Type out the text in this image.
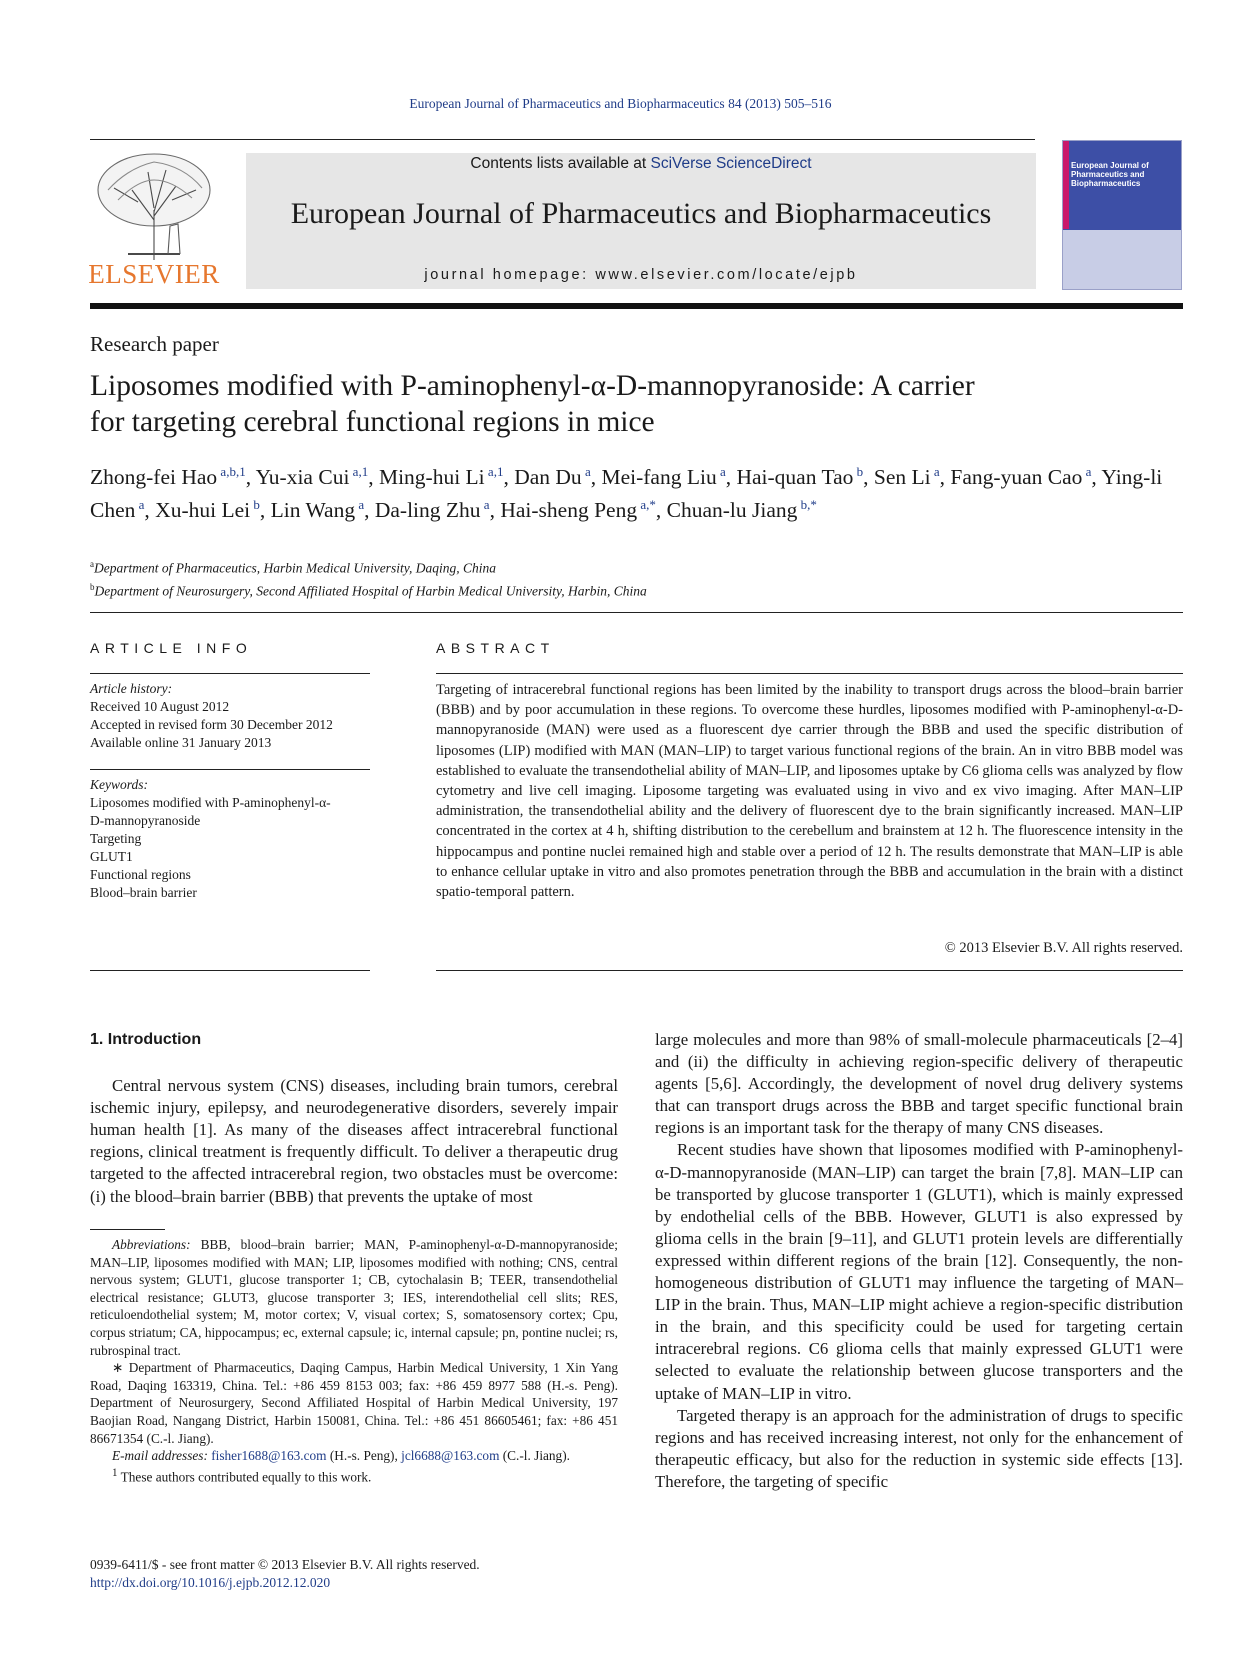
European Journal of Pharmaceutics and Biopharmaceutics 84 (2013) 505–516
ELSEVIER
Contents lists available at SciVerse ScienceDirect
European Journal of Pharmaceutics and Biopharmaceutics
journal homepage: www.elsevier.com/locate/ejpb
European Journal of Pharmaceutics and Biopharmaceutics
Research paper
Liposomes modified with P-aminophenyl-α-D-mannopyranoside: A carrier
for targeting cerebral functional regions in mice
Zhong-fei Hao $^{a,b,1}$, Yu-xia Cui $^{a,1}$, Ming-hui Li $^{a,1}$, Dan Du $^a$, Mei-fang Liu $^a$, Hai-quan Tao $^b$, Sen Li $^a$, Fang-yuan Cao $^a$, Ying-li Chen $^a$, Xu-hui Lei $^b$, Lin Wang $^a$, Da-ling Zhu $^a$, Hai-sheng Peng $^{a,*}$, Chuan-lu Jiang $^{b,*}$
$^a$Department of Pharmaceutics, Harbin Medical University, Daqing, China
$^b$Department of Neurosurgery, Second Affiliated Hospital of Harbin Medical University, Harbin, China
ARTICLE INFO
Article history:
Received 10 August 2012
Accepted in revised form 30 December 2012
Available online 31 January 2013
Keywords:
Liposomes modified with P-aminophenyl-α-
D-mannopyranoside
Targeting
GLUT1
Functional regions
Blood–brain barrier
ABSTRACT
Targeting of intracerebral functional regions has been limited by the inability to transport drugs across the blood–brain barrier (BBB) and by poor accumulation in these regions. To overcome these hurdles, liposomes modified with P-aminophenyl-α-D-mannopyranoside (MAN) were used as a fluorescent dye carrier through the BBB and used the specific distribution of liposomes (LIP) modified with MAN (MAN–LIP) to target various functional regions of the brain. An in vitro BBB model was established to evaluate the transendothelial ability of MAN–LIP, and liposomes uptake by C6 glioma cells was analyzed by flow cytometry and live cell imaging. Liposome targeting was evaluated using in vivo and ex vivo imaging. After MAN–LIP administration, the transendothelial ability and the delivery of fluorescent dye to the brain significantly increased. MAN–LIP concentrated in the cortex at 4 h, shifting distribution to the cerebellum and brainstem at 12 h. The fluorescence intensity in the hippocampus and pontine nuclei remained high and stable over a period of 12 h. The results demonstrate that MAN–LIP is able to enhance cellular uptake in vitro and also promotes penetration through the BBB and accumulation in the brain with a distinct spatio-temporal pattern.
© 2013 Elsevier B.V. All rights reserved.
1. Introduction

Central nervous system (CNS) diseases, including brain tumors, cerebral ischemic injury, epilepsy, and neurodegenerative disorders, severely impair human health [1]. As many of the diseases affect intracerebral functional regions, clinical treatment is frequently difficult. To deliver a therapeutic drug targeted to the affected intracerebral region, two obstacles must be overcome: (i) the blood–brain barrier (BBB) that prevents the uptake of most

Abbreviations: BBB, blood–brain barrier; MAN, P-aminophenyl-α-D-mannopyranoside; MAN–LIP, liposomes modified with MAN; LIP, liposomes modified with nothing; CNS, central nervous system; GLUT1, glucose transporter 1; CB, cytochalasin B; TEER, transendothelial electrical resistance; GLUT3, glucose transporter 3; IES, interendothelial cell slits; RES, reticuloendothelial system; M, motor cortex; V, visual cortex; S, somatosensory cortex; Cpu, corpus striatum; CA, hippocampus; ec, external capsule; ic, internal capsule; pn, pontine nuclei; rs, rubrospinal tract.

∗ Department of Pharmaceutics, Daqing Campus, Harbin Medical University, 1 Xin Yang Road, Daqing 163319, China. Tel.: +86 459 8153 003; fax: +86 459 8977 588 (H.-s. Peng). Department of Neurosurgery, Second Affiliated Hospital of Harbin Medical University, 197 Baojian Road, Nangang District, Harbin 150081, China. Tel.: +86 451 86605461; fax: +86 451 86671354 (C.-l. Jiang).

E-mail addresses: fisher1688@163.com (H.-s. Peng), jcl6688@163.com (C.-l. Jiang).

$^1$ These authors contributed equally to this work.

large molecules and more than 98% of small-molecule pharmaceuticals [2–4] and (ii) the difficulty in achieving region-specific delivery of therapeutic agents [5,6]. Accordingly, the development of novel drug delivery systems that can transport drugs across the BBB and target specific functional brain regions is an important task for the therapy of many CNS diseases.

Recent studies have shown that liposomes modified with P-aminophenyl-α-D-mannopyranoside (MAN–LIP) can target the brain [7,8]. MAN–LIP can be transported by glucose transporter 1 (GLUT1), which is mainly expressed by endothelial cells of the BBB. However, GLUT1 is also expressed by glioma cells in the brain [9–11], and GLUT1 protein levels are differentially expressed within different regions of the brain [12]. Consequently, the non-homogeneous distribution of GLUT1 may influence the targeting of MAN–LIP in the brain. Thus, MAN–LIP might achieve a region-specific distribution in the brain, and this specificity could be used for targeting certain intracerebral regions. C6 glioma cells that mainly expressed GLUT1 were selected to evaluate the relationship between glucose transporters and the uptake of MAN–LIP in vitro.

Targeted therapy is an approach for the administration of drugs to specific regions and has received increasing interest, not only for the enhancement of therapeutic efficacy, but also for the reduction in systemic side effects [13]. Therefore, the targeting of specific

0939-6411/$ - see front matter © 2013 Elsevier B.V. All rights reserved.
http://dx.doi.org/10.1016/j.ejpb.2012.12.020
